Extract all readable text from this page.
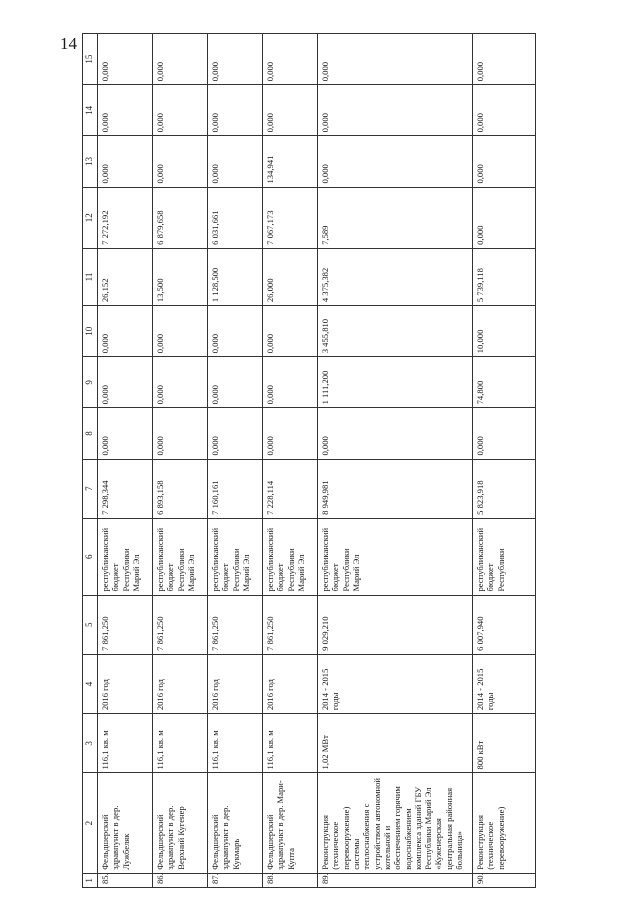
14
1	2	3	4	5	6	7	8	9	10	11	12	13	14	15
85.	Фельдшерский здравпункт в дер. Лужбеляк	116,1 кв. м	2016 год	7 861,250	республиканский бюджет Республики Марий Эл	7 298,344	0,000	0,000	0,000	26,152	7 272,192	0,000	0,000	0,000
86.	Фельдшерский здравпункт в дер. Верхний Кугенер	116,1 кв. м	2016 год	7 861,250	республиканский бюджет Республики Марий Эл	6 893,158	0,000	0,000	0,000	13,500	6 879,658	0,000	0,000	0,000
87.	Фельдшерский здравпункт в дер. Кукмарь	116,1 кв. м	2016 год	7 861,250	республиканский бюджет Республики Марий Эл	7 160,161	0,000	0,000	0,000	1 128,500	6 031,661	0,000	0,000	0,000
88.	Фельдшерский здравпункт в дер. Мари-Купта	116,1 кв. м	2016 год	7 861,250	республиканский бюджет Республики Марий Эл	7 228,114	0,000	0,000	0,000	26,000	7 067,173	134,941	0,000	0,000
89.	Реконструкция (техническое перевооружение) системы теплоснабжения с устройством автономной котельной и обеспечением горячим водоснабжением комплекса зданий ГБУ Республики Марий Эл «Куженерская центральная районная больница»	1,02 МВт	2014 - 2015 годы	9 029,210	республиканский бюджет Республики Марий Эл	8 949,981	0,000	1 111,200	3 455,810	4 375,382	7,589	0,000	0,000	0,000
90.	Реконструкция (техническое перевооружение)	800 кВт	2014 - 2015 годы	6 007,940	республиканский бюджет Республики	5 823,918	0,000	74,800	10,000	5 739,118	0,000	0,000	0,000	0,000
